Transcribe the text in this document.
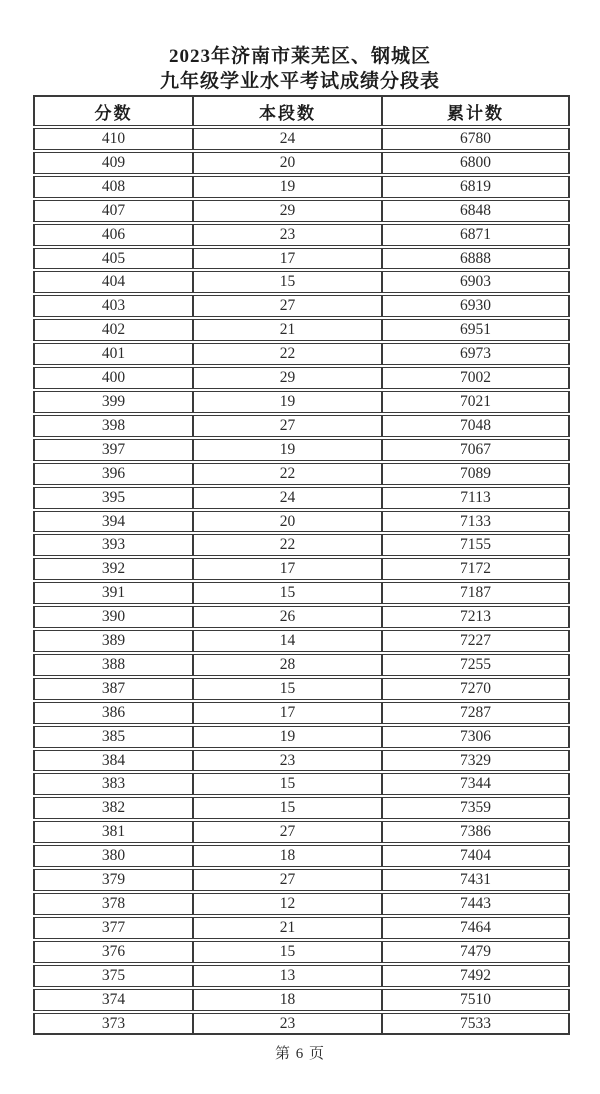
2023年济南市莱芜区、钢城区
九年级学业水平考试成绩分段表
分数	本段数	累计数
410	24	6780
409	20	6800
408	19	6819
407	29	6848
406	23	6871
405	17	6888
404	15	6903
403	27	6930
402	21	6951
401	22	6973
400	29	7002
399	19	7021
398	27	7048
397	19	7067
396	22	7089
395	24	7113
394	20	7133
393	22	7155
392	17	7172
391	15	7187
390	26	7213
389	14	7227
388	28	7255
387	15	7270
386	17	7287
385	19	7306
384	23	7329
383	15	7344
382	15	7359
381	27	7386
380	18	7404
379	27	7431
378	12	7443
377	21	7464
376	15	7479
375	13	7492
374	18	7510
373	23	7533
第 6 页
